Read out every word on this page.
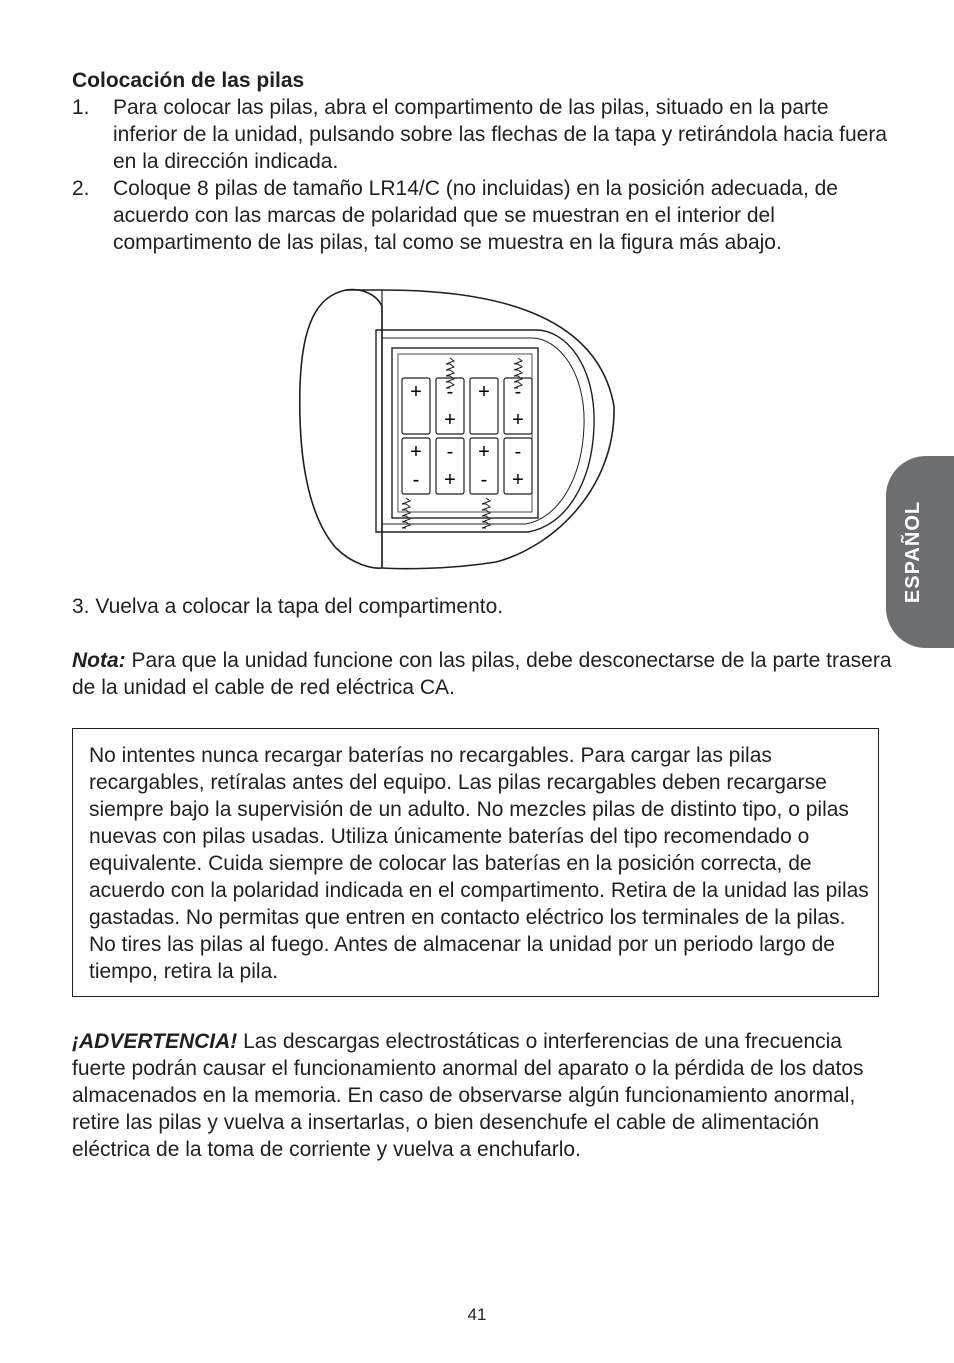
Colocación de las pilas
1. Para colocar las pilas, abra el compartimento de las pilas, situado en la parte inferior de la unidad, pulsando sobre las flechas de la tapa y retirándola hacia fuera en la dirección indicada.
2. Coloque 8 pilas de tamaño LR14/C (no incluidas) en la posición adecuada, de acuerdo con las marcas de polaridad que se muestran en el interior del compartimento de las pilas, tal como se muestra en la figura más abajo.
+ -
+
+ -
+
+
-
-
+
+
-
-
+
3. Vuelva a colocar la tapa del compartimento.
Nota: Para que la unidad funcione con las pilas, debe desconectarse de la parte trasera de la unidad el cable de red eléctrica CA.
No intentes nunca recargar baterías no recargables. Para cargar las pilas recargables, retíralas antes del equipo. Las pilas recargables deben recargarse siempre bajo la supervisión de un adulto. No mezcles pilas de distinto tipo, o pilas nuevas con pilas usadas. Utiliza únicamente baterías del tipo recomendado o equivalente. Cuida siempre de colocar las baterías en la posición correcta, de acuerdo con la polaridad indicada en el compartimento. Retira de la unidad las pilas gastadas. No permitas que entren en contacto eléctrico los terminales de la pilas. No tires las pilas al fuego. Antes de almacenar la unidad por un periodo largo de tiempo, retira la pila.
¡ADVERTENCIA! Las descargas electrostáticas o interferencias de una frecuencia fuerte podrán causar el funcionamiento anormal del aparato o la pérdida de los datos almacenados en la memoria. En caso de observarse algún funcionamiento anormal, retire las pilas y vuelva a insertarlas, o bien desenchufe el cable de alimentación eléctrica de la toma de corriente y vuelva a enchufarlo.
ESPAÑOL
41
